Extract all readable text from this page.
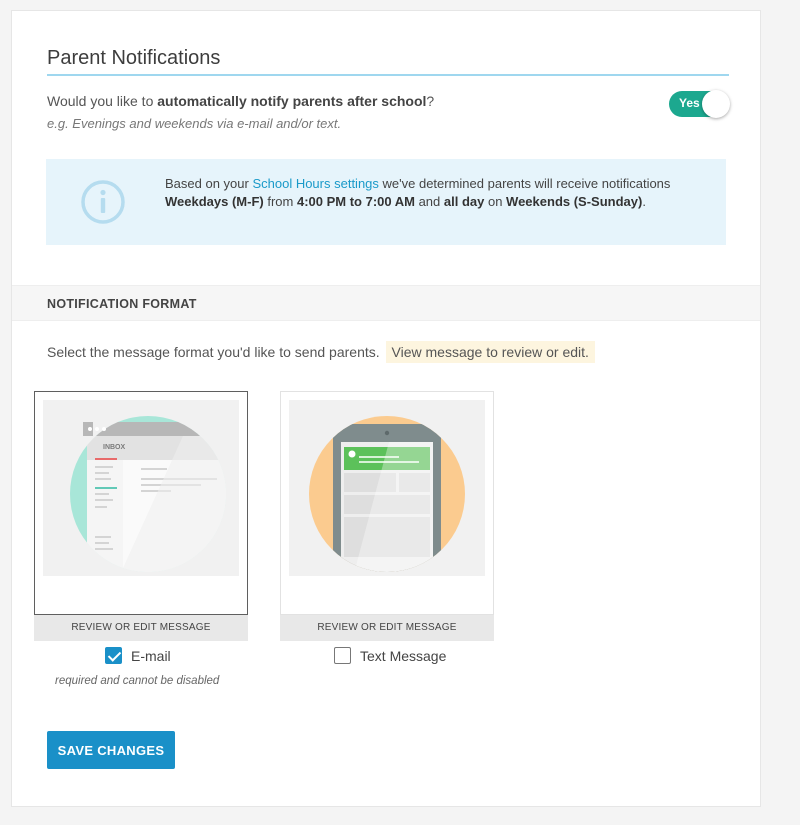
Parent Notifications
Would you like to automatically notify parents after school?
e.g. Evenings and weekends via e-mail and/or text.
Yes
Based on your School Hours settings we've determined parents will receive notifications Weekdays (M-F) from 4:00 PM to 7:00 AM and all day on Weekends (S-Sunday).
NOTIFICATION FORMAT
Select the message format you'd like to send parents. View message to review or edit.
INBOX
REVIEW OR EDIT MESSAGE	REVIEW OR EDIT MESSAGE
E-mail
required and cannot be disabled
Text Message
SAVE CHANGES
